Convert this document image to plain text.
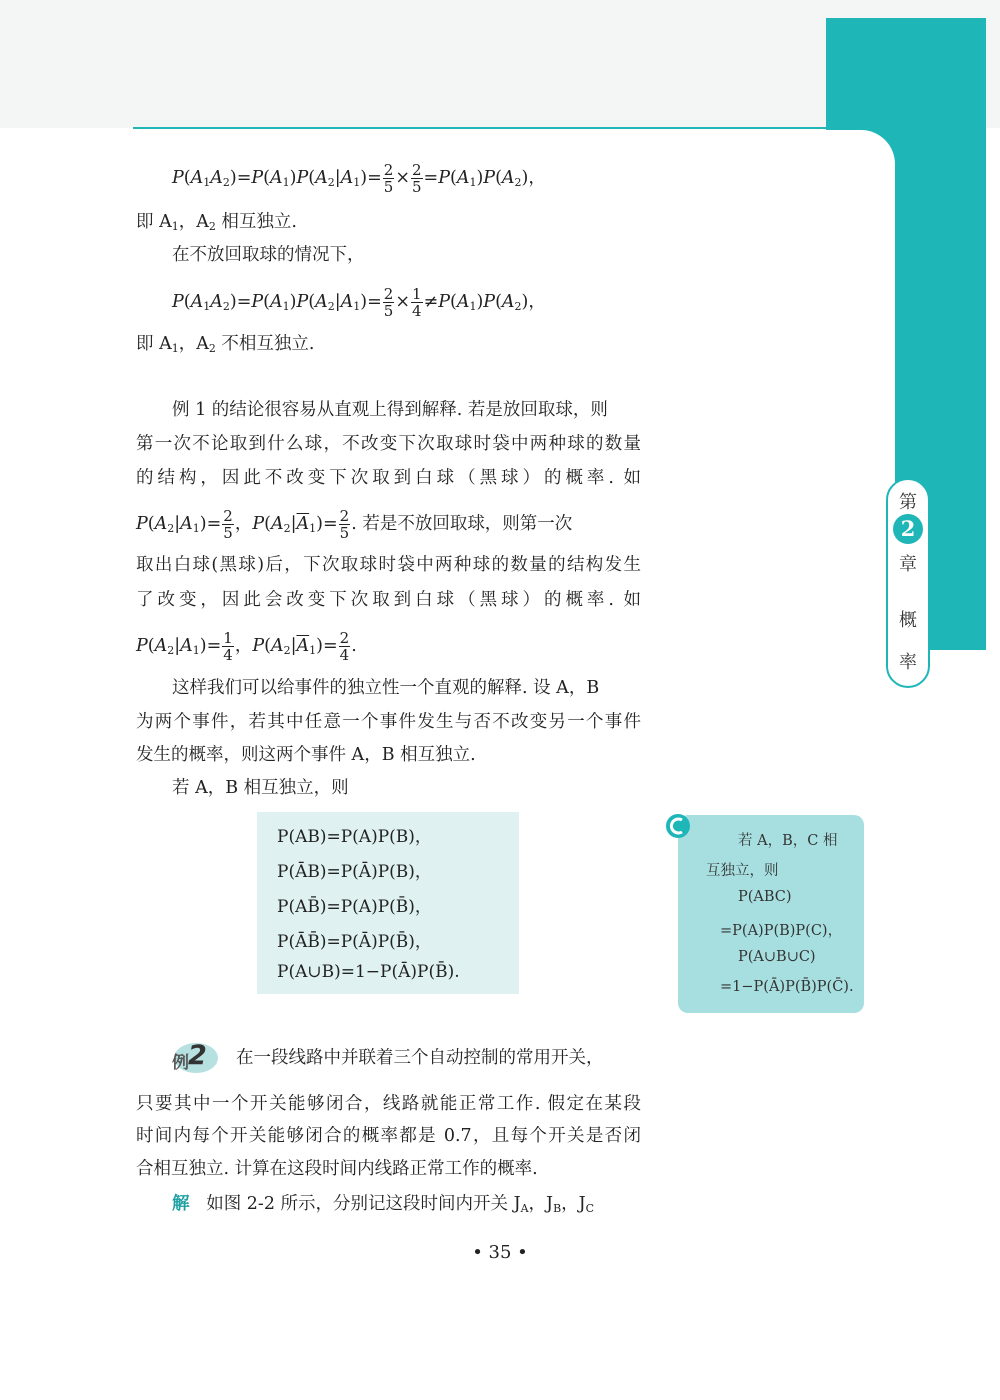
$P(A_1A_2)=P(A_1)P(A_2|A_1)= \frac{2}{5} \times \frac{2}{5} =P(A_1)P(A_2)$，
即 $A_1$，$A_2$ 相互独立.
在不放回取球的情况下，
$P(A_1A_2)=P(A_1)P(A_2|A_1)= \frac{2}{5} \times \frac{1}{4} \ne P(A_1)P(A_2)$，
即 $A_1$，$A_2$ 不相互独立.
例 1 的结论很容易从直观上得到解释. 若是放回取球，则
第一次不论取到什么球，不改变下次取球时袋中两种球的数量
的结构，因此不改变下次取到白球（黑球）的概率. 如
$P(A_2|A_1)= \frac{2}{5}$ ，$P(A_2|\overline{A}_1)= \frac{2}{5}$ . 若是不放回取球，则第一次
取出白球(黑球)后，下次取球时袋中两种球的数量的结构发生
了改变，因此会改变下次取到白球（黑球）的概率. 如
$P(A_2|A_1)= \frac{1}{4}$ ，$P(A_2|\overline{A}_1)= \frac{2}{4}$ .
这样我们可以给事件的独立性一个直观的解释. 设 A，B
为两个事件，若其中任意一个事件发生与否不改变另一个事件
发生的概率，则这两个事件 A，B 相互独立.
若 A，B 相互独立，则
P(AB)=P(A)P(B)，
P(ĀB)=P(Ā)P(B)，
P(AB̄)=P(A)P(B̄)，
P(ĀB̄)=P(Ā)P(B̄)，
P(A∪B)=1−P(Ā)P(B̄).
若 A，B，C 相
互独立，则
P(ABC)
=P(A)P(B)P(C)，
P(A∪B∪C)
=1−P(Ā)P(B̄)P(C̄).
第
2
章
概
率
例 2 在一段线路中并联着三个自动控制的常用开关，
只要其中一个开关能够闭合，线路就能正常工作. 假定在某段
时间内每个开关能够闭合的概率都是 0.7，且每个开关是否闭
合相互独立. 计算在这段时间内线路正常工作的概率.
解 如图 2-2 所示，分别记这段时间内开关 $J_A$，$J_B$，$J_C$
• 35 •
